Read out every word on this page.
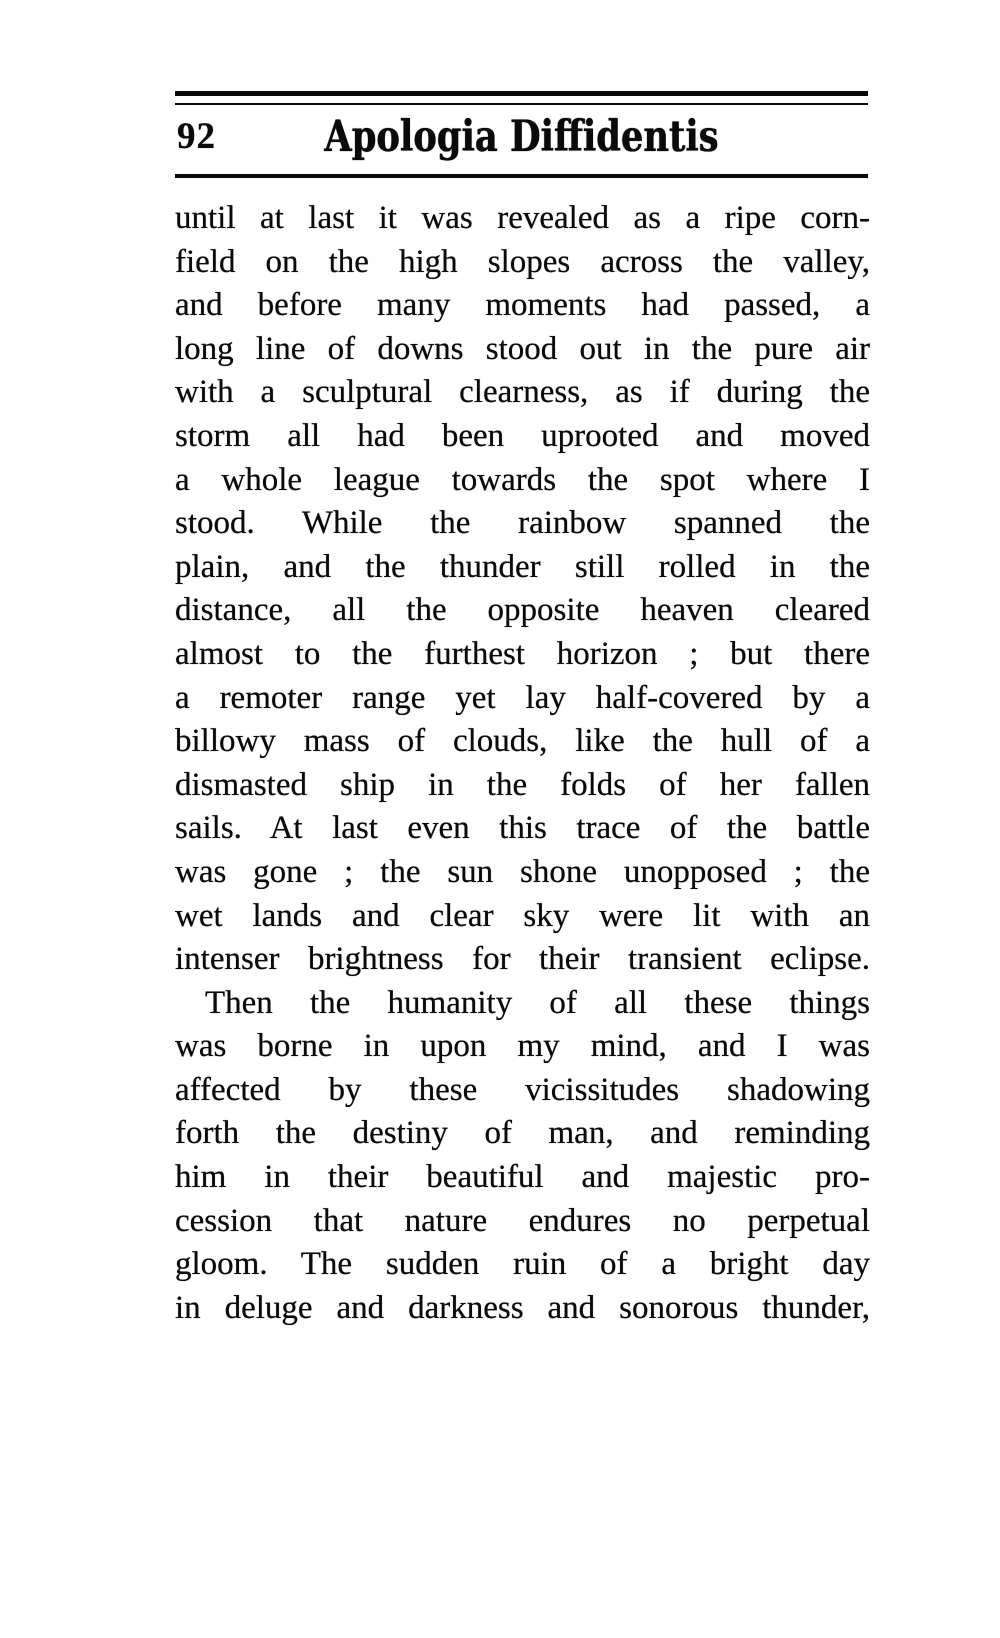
92	Apologia Diffidentis
until at last it was revealed as a ripe corn-
field on the high slopes across the valley,
and before many moments had passed, a
long line of downs stood out in the pure air
with a sculptural clearness, as if during the
storm all had been uprooted and moved
a whole league towards the spot where I
stood. While the rainbow spanned the
plain, and the thunder still rolled in the
distance, all the opposite heaven cleared
almost to the furthest horizon ; but there
a remoter range yet lay half-covered by a
billowy mass of clouds, like the hull of a
dismasted ship in the folds of her fallen
sails. At last even this trace of the battle
was gone ; the sun shone unopposed ; the
wet lands and clear sky were lit with an
intenser brightness for their transient eclipse.
Then the humanity of all these things
was borne in upon my mind, and I was
affected by these vicissitudes shadowing
forth the destiny of man, and reminding
him in their beautiful and majestic pro-
cession that nature endures no perpetual
gloom. The sudden ruin of a bright day
in deluge and darkness and sonorous thunder,
